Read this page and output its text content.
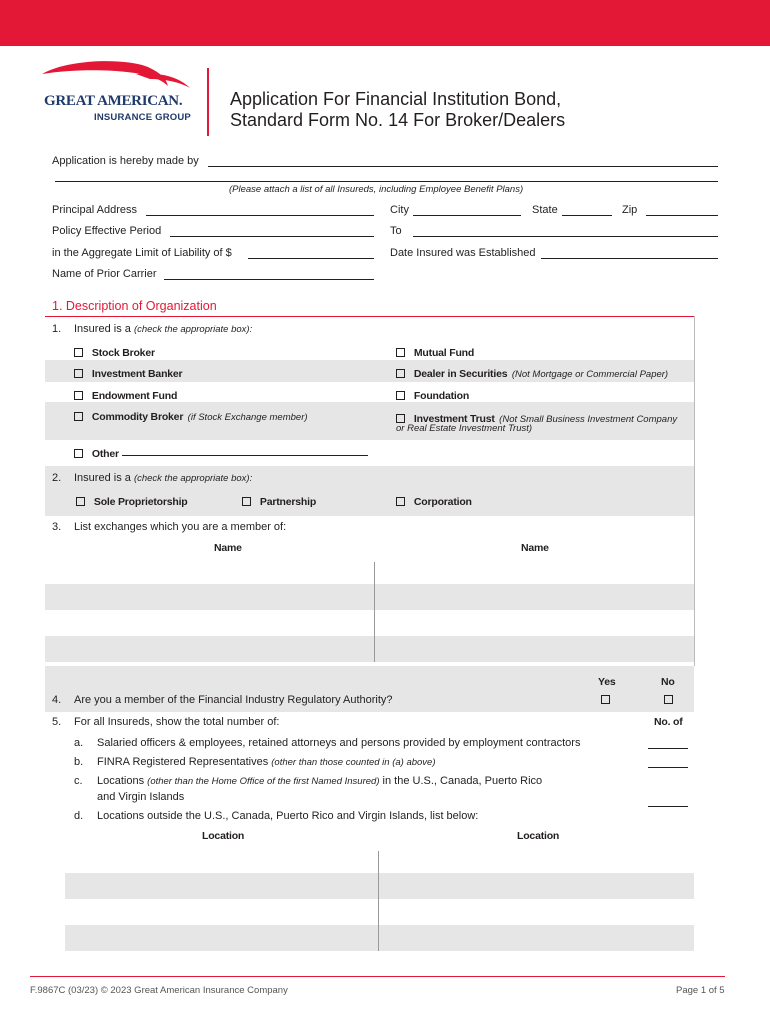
GREAT AMERICAN.
INSURANCE GROUP
Application For Financial Institution Bond,
Standard Form No. 14 For Broker/Dealers
Application is hereby made by
(Please attach a list of all Insureds, including Employee Benefit Plans)
Principal Address	City	State	Zip
Policy Effective Period	To
in the Aggregate Limit of Liability of $	Date Insured was Established
Name of Prior Carrier
1. Description of Organization
1. Insured is a (check the appropriate box):
Stock Broker	Mutual Fund
Investment Banker	Dealer in Securities (Not Mortgage or Commercial Paper)
Endowment Fund	Foundation
Commodity Broker (if Stock Exchange member)	Investment Trust (Not Small Business Investment Company
or Real Estate Investment Trust)
Other
2. Insured is a (check the appropriate box):
Sole Proprietorship	Partnership	Corporation
3. List exchanges which you are a member of:
Name	Name
Yes	No
4. Are you a member of the Financial Industry Regulatory Authority?
5. For all Insureds, show the total number of:	No. of
a. Salaried officers & employees, retained attorneys and persons provided by employment contractors
b. FINRA Registered Representatives (other than those counted in (a) above)
c. Locations (other than the Home Office of the first Named Insured) in the U.S., Canada, Puerto Rico
and Virgin Islands
d. Locations outside the U.S., Canada, Puerto Rico and Virgin Islands, list below:
Location	Location
F.9867C (03/23) © 2023 Great American Insurance Company	Page 1 of 5
